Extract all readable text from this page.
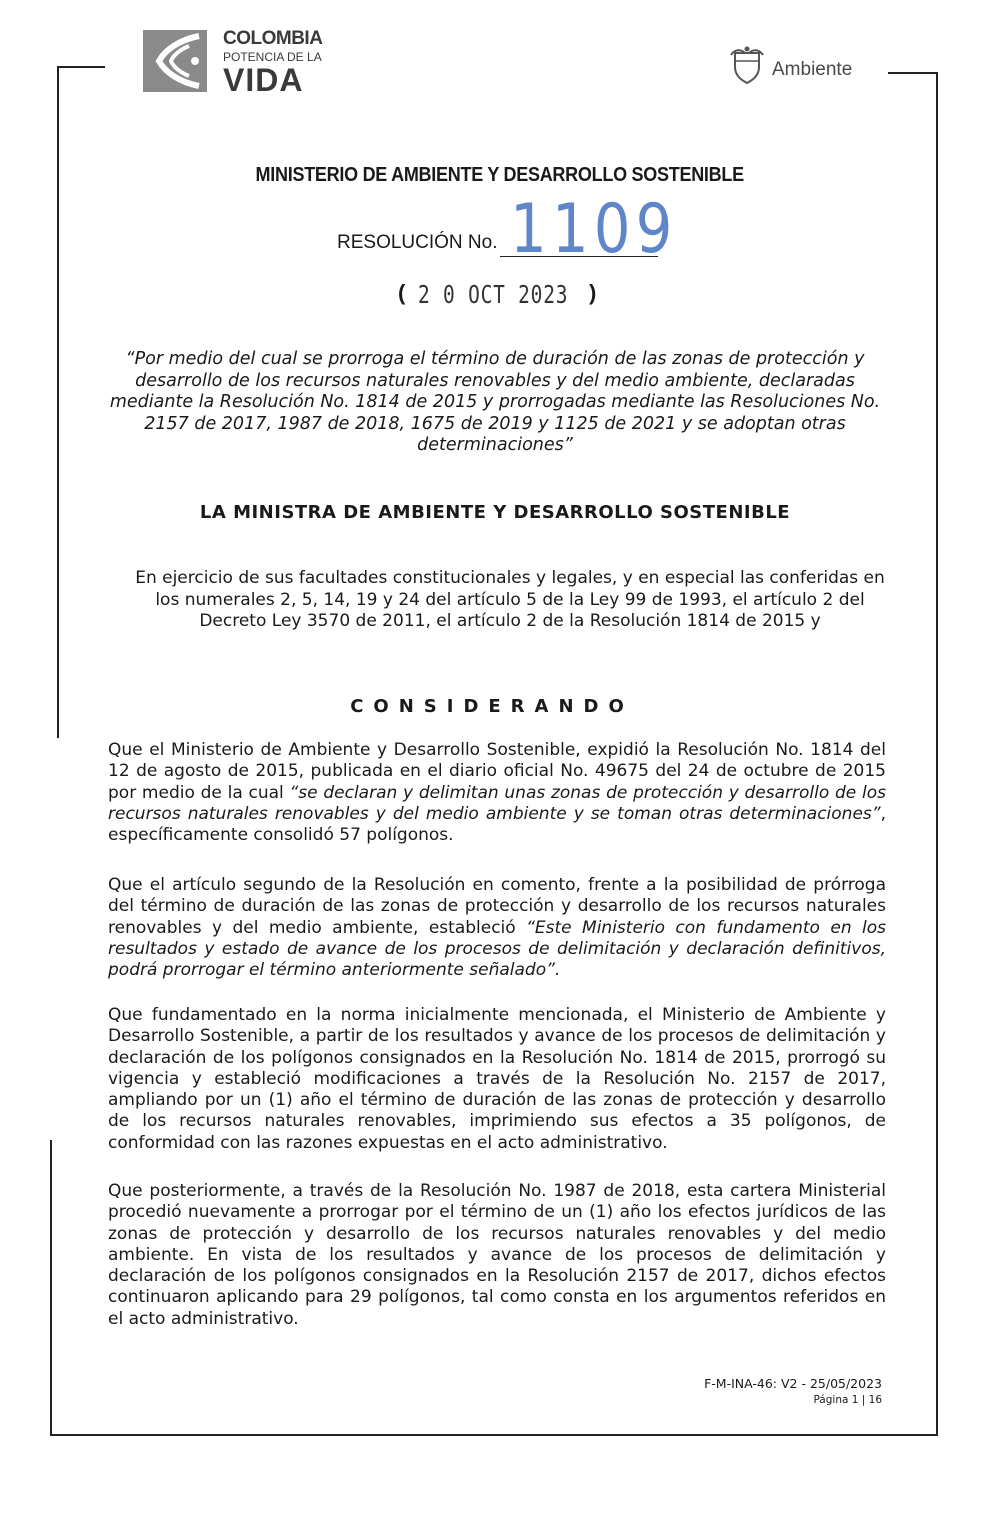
COLOMBIA
POTENCIA DE LA
VIDA	Ambiente
MINISTERIO DE AMBIENTE Y DESARROLLO SOSTENIBLE
RESOLUCIÓN No. 1109
( 2 0 OCT 2023 )
“Por medio del cual se prorroga el término de duración de las zonas de protección y desarrollo de los recursos naturales renovables y del medio ambiente, declaradas mediante la Resolución No. 1814 de 2015 y prorrogadas mediante las Resoluciones No. 2157 de 2017, 1987 de 2018, 1675 de 2019 y 1125 de 2021 y se adoptan otras determinaciones”
LA MINISTRA DE AMBIENTE Y DESARROLLO SOSTENIBLE
En ejercicio de sus facultades constitucionales y legales, y en especial las conferidas en los numerales 2, 5, 14, 19 y 24 del artículo 5 de la Ley 99 de 1993, el artículo 2 del Decreto Ley 3570 de 2011, el artículo 2 de la Resolución 1814 de 2015 y
CONSIDERANDO
Que el Ministerio de Ambiente y Desarrollo Sostenible, expidió la Resolución No. 1814 del 12 de agosto de 2015, publicada en el diario oficial No. 49675 del 24 de octubre de 2015 por medio de la cual “se declaran y delimitan unas zonas de protección y desarrollo de los recursos naturales renovables y del medio ambiente y se toman otras determinaciones”, específicamente consolidó 57 polígonos.
Que el artículo segundo de la Resolución en comento, frente a la posibilidad de prórroga del término de duración de las zonas de protección y desarrollo de los recursos naturales renovables y del medio ambiente, estableció “Este Ministerio con fundamento en los resultados y estado de avance de los procesos de delimitación y declaración definitivos, podrá prorrogar el término anteriormente señalado”.
Que fundamentado en la norma inicialmente mencionada, el Ministerio de Ambiente y Desarrollo Sostenible, a partir de los resultados y avance de los procesos de delimitación y declaración de los polígonos consignados en la Resolución No. 1814 de 2015, prorrogó su vigencia y estableció modificaciones a través de la Resolución No. 2157 de 2017, ampliando por un (1) año el término de duración de las zonas de protección y desarrollo de los recursos naturales renovables, imprimiendo sus efectos a 35 polígonos, de conformidad con las razones expuestas en el acto administrativo.
Que posteriormente, a través de la Resolución No. 1987 de 2018, esta cartera Ministerial procedió nuevamente a prorrogar por el término de un (1) año los efectos jurídicos de las zonas de protección y desarrollo de los recursos naturales renovables y del medio ambiente. En vista de los resultados y avance de los procesos de delimitación y declaración de los polígonos consignados en la Resolución 2157 de 2017, dichos efectos continuaron aplicando para 29 polígonos, tal como consta en los argumentos referidos en el acto administrativo.
F-M-INA-46: V2 - 25/05/2023
Página 1 | 16
